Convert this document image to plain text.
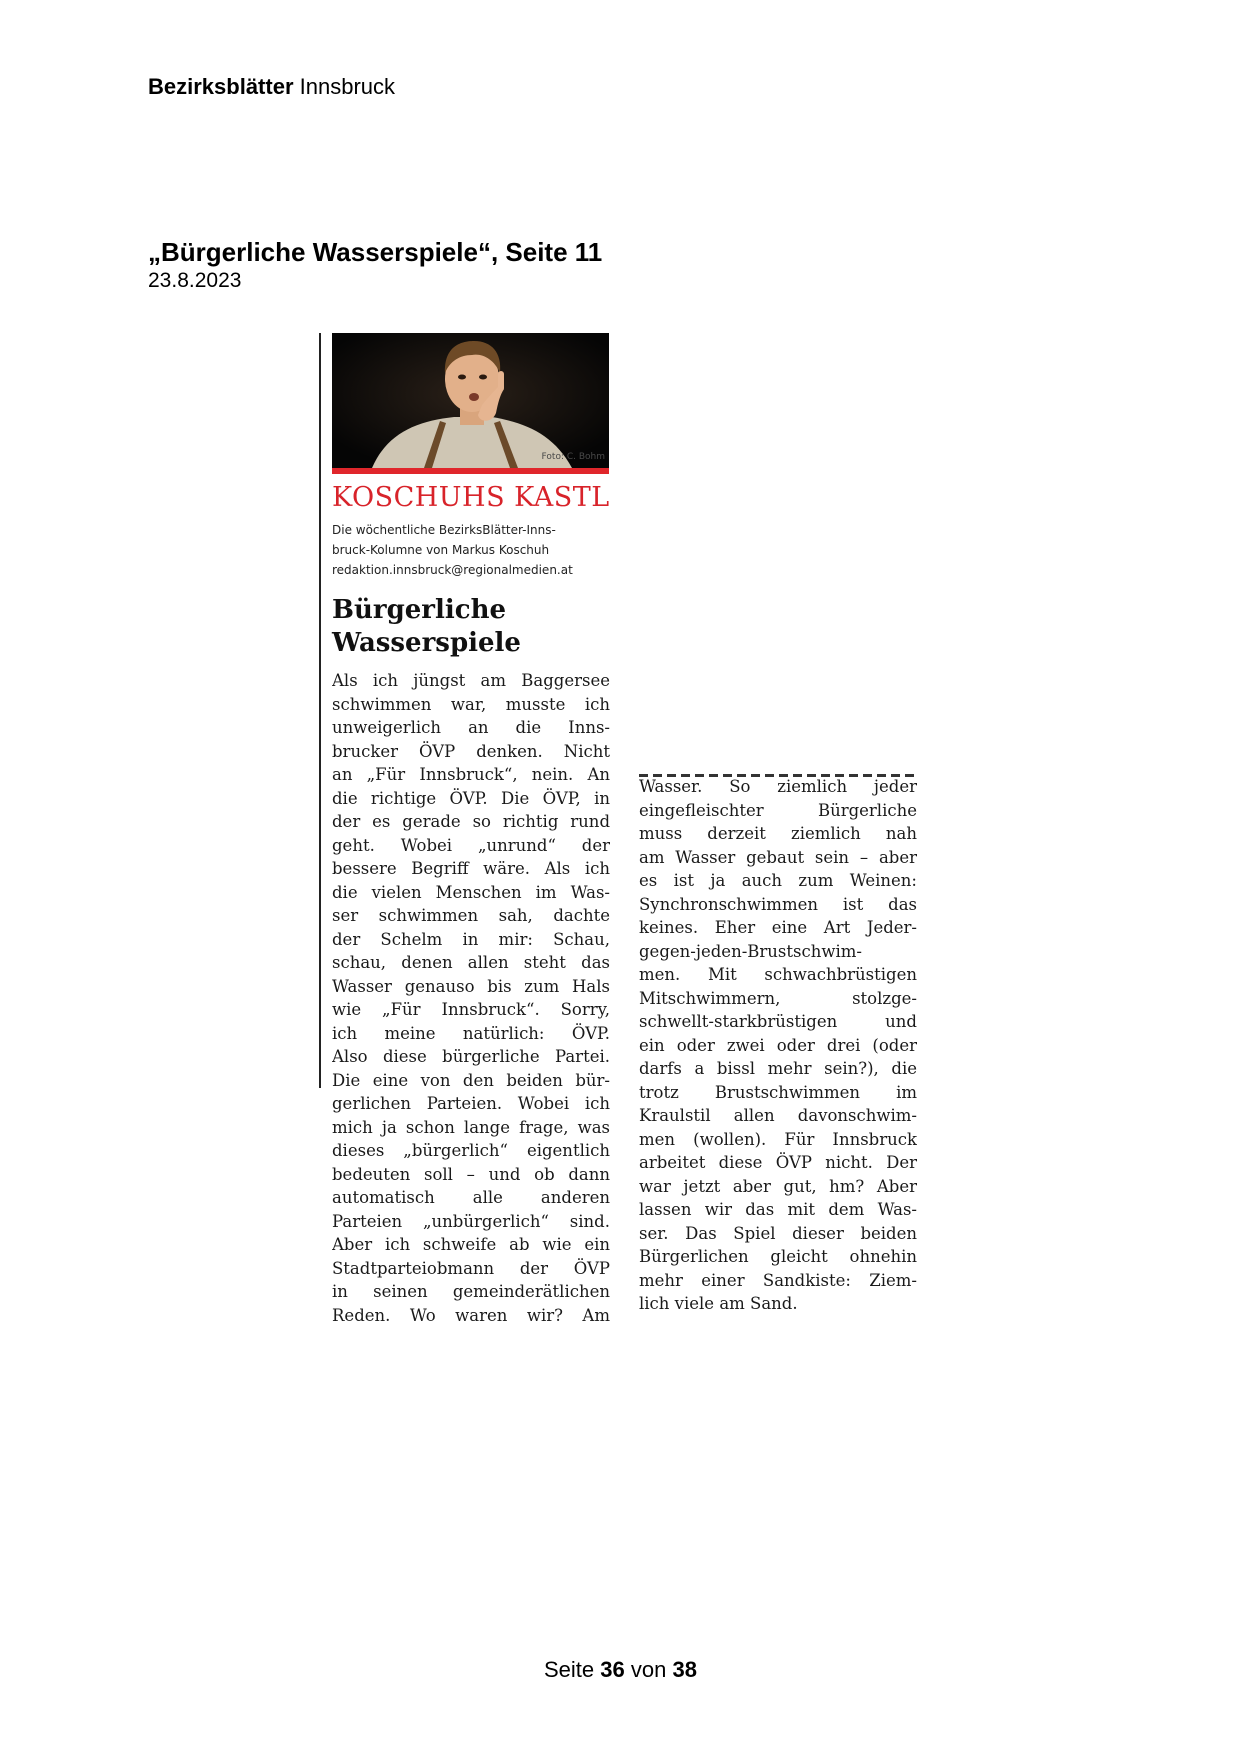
Bezirksblätter Innsbruck
„Bürgerliche Wasserspiele“, Seite 11
23.8.2023
Foto: C. Bohm
KOSCHUHS KASTL
Die wöchentliche BezirksBlätter-Inns-
bruck-Kolumne von Markus Koschuh
redaktion.innsbruck@regionalmedien.at
Bürgerliche
Wasserspiele
Als ich jüngst am Baggersee
schwimmen war, musste ich
unweigerlich an die Inns-
brucker ÖVP denken. Nicht
an „Für Innsbruck“, nein. An
die richtige ÖVP. Die ÖVP, in
der es gerade so richtig rund
geht. Wobei „unrund“ der
bessere Begriff wäre. Als ich
die vielen Menschen im Was-
ser schwimmen sah, dachte
der Schelm in mir: Schau,
schau, denen allen steht das
Wasser genauso bis zum Hals
wie „Für Innsbruck“. Sorry,
ich meine natürlich: ÖVP.
Also diese bürgerliche Partei.
Die eine von den beiden bür-
gerlichen Parteien. Wobei ich
mich ja schon lange frage, was
dieses „bürgerlich“ eigentlich
bedeuten soll – und ob dann
automatisch alle anderen
Parteien „unbürgerlich“ sind.
Aber ich schweife ab wie ein
Stadtparteiobmann der ÖVP
in seinen gemeinderätlichen
Reden. Wo waren wir? Am
Wasser. So ziemlich jeder
eingefleischter Bürgerliche
muss derzeit ziemlich nah
am Wasser gebaut sein – aber
es ist ja auch zum Weinen:
Synchronschwimmen ist das
keines. Eher eine Art Jeder-
gegen-jeden-Brustschwim-
men. Mit schwachbrüstigen
Mitschwimmern, stolzge-
schwellt-starkbrüstigen und
ein oder zwei oder drei (oder
darfs a bissl mehr sein?), die
trotz Brustschwimmen im
Kraulstil allen davonschwim-
men (wollen). Für Innsbruck
arbeitet diese ÖVP nicht. Der
war jetzt aber gut, hm? Aber
lassen wir das mit dem Was-
ser. Das Spiel dieser beiden
Bürgerlichen gleicht ohnehin
mehr einer Sandkiste: Ziem-
lich viele am Sand.
Seite 36 von 38
